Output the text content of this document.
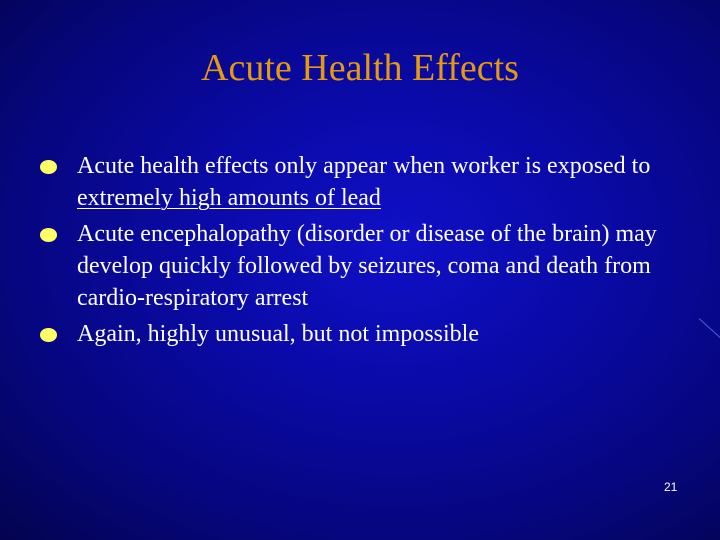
Acute Health Effects
Acute health effects only appear when worker is exposed to extremely high amounts of lead
Acute encephalopathy (disorder or disease of the brain) may develop quickly followed by seizures, coma and death from cardio-respiratory arrest
Again, highly unusual, but not impossible
21
